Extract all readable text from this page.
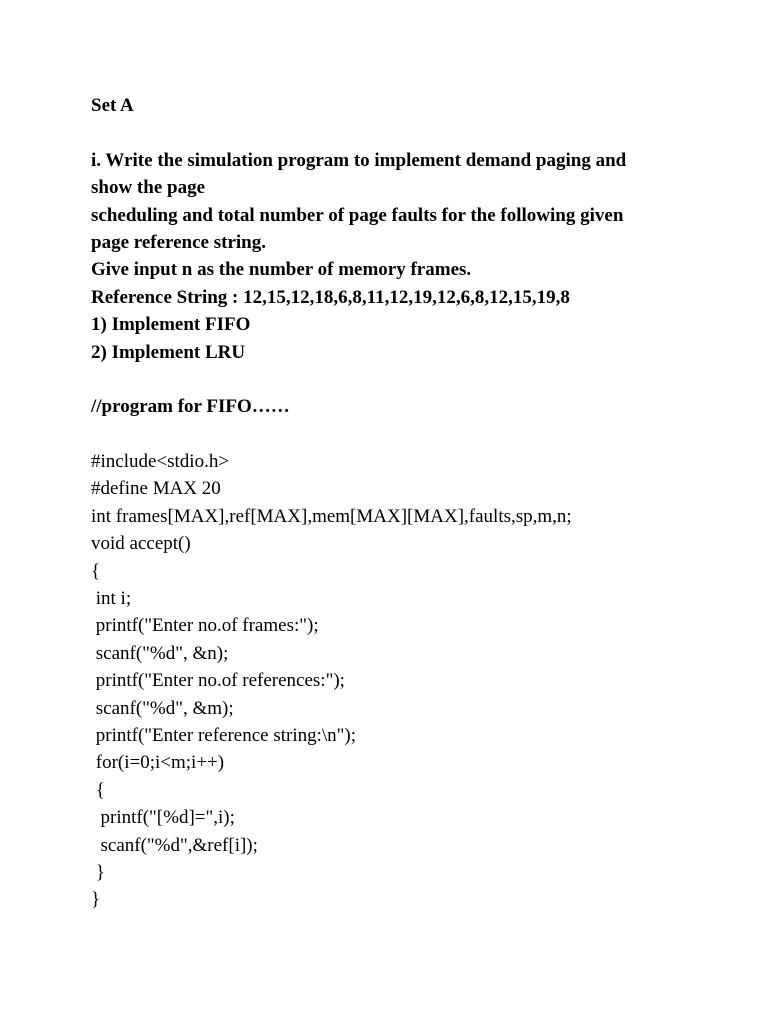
Set A
i. Write the simulation program to implement demand paging and
show the page
scheduling and total number of page faults for the following given
page reference string.
Give input n as the number of memory frames.
Reference String : 12,15,12,18,6,8,11,12,19,12,6,8,12,15,19,8
1) Implement FIFO
2) Implement LRU
//program for FIFO……
#include<stdio.h>
#define MAX 20
int frames[MAX],ref[MAX],mem[MAX][MAX],faults,sp,m,n;
void accept()
{
int i;
printf("Enter no.of frames:");
scanf("%d", &n);
printf("Enter no.of references:");
scanf("%d", &m);
printf("Enter reference string:\n");
for(i=0;i<m;i++)
{
printf("[%d]=",i);
scanf("%d",&ref[i]);
}
}
